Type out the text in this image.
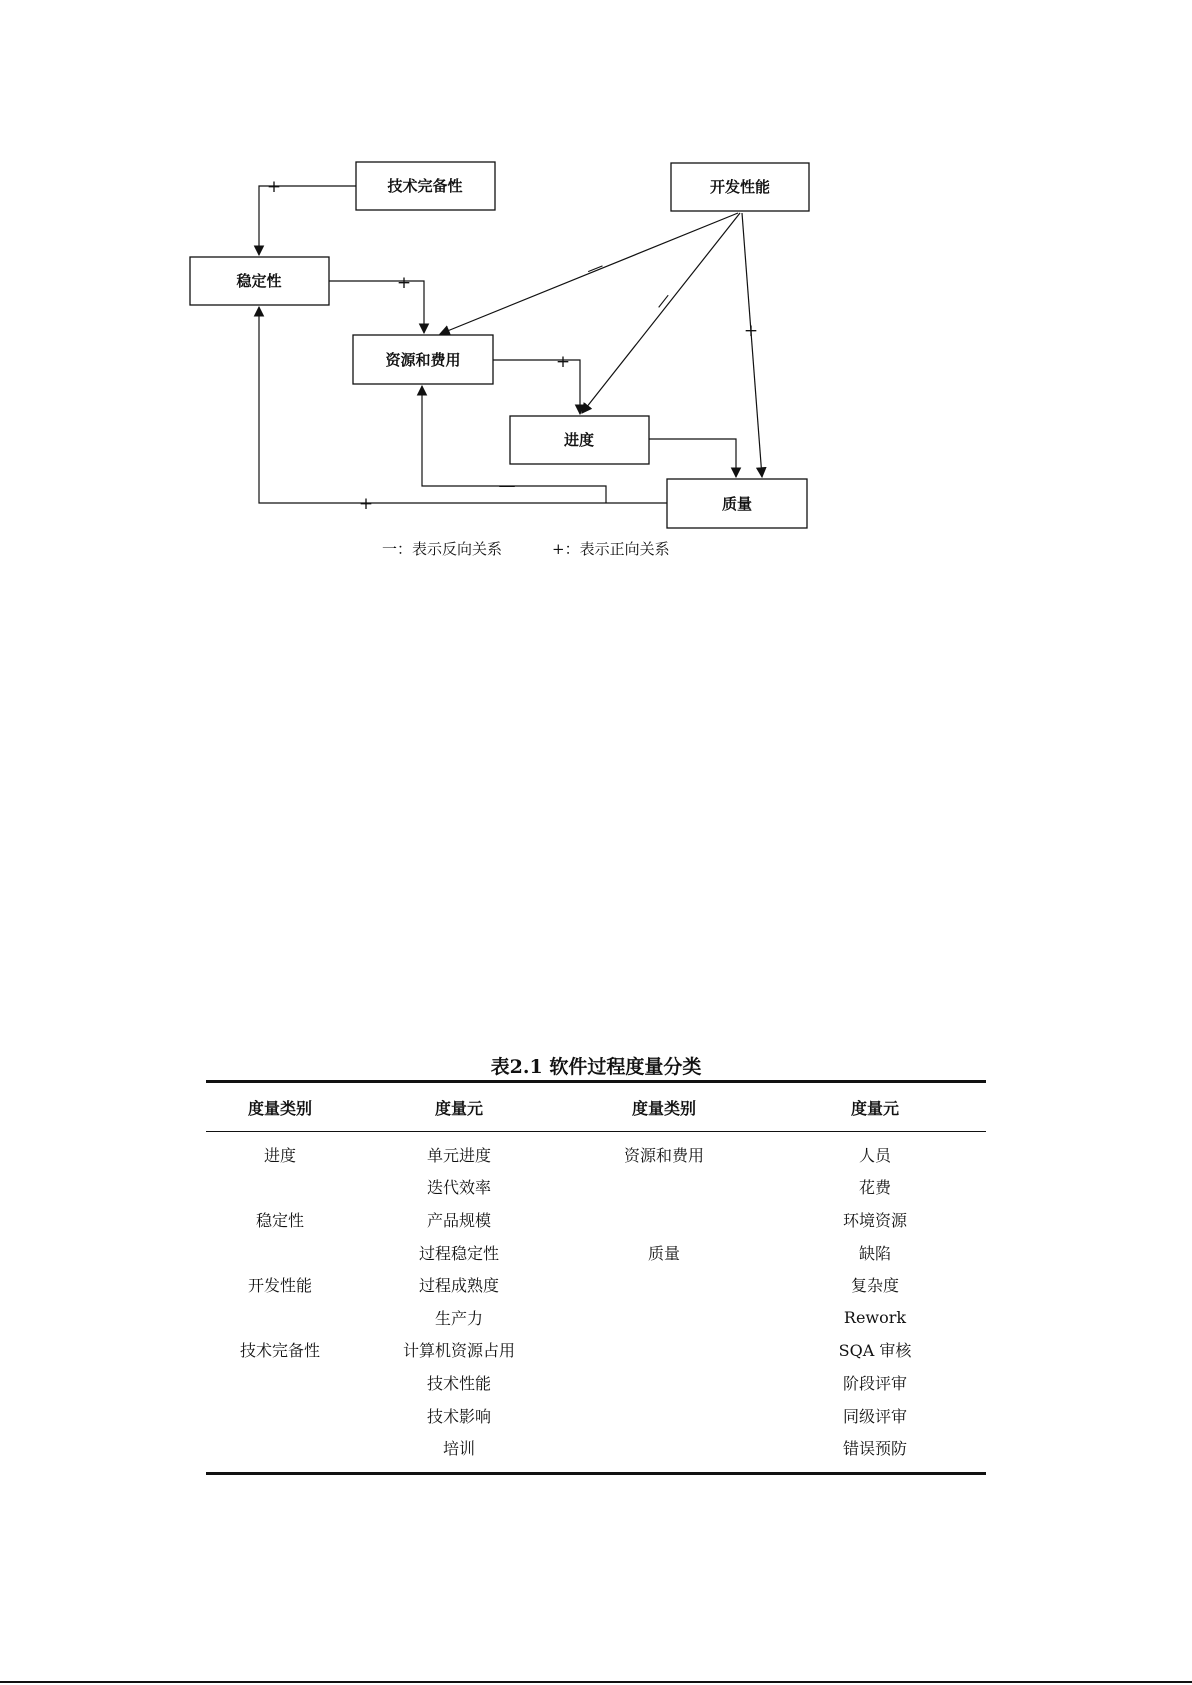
技术完备性	开发性能
稳定性
资源和费用
进度
质量
+
+
+
+
+
—
—
—
一：表示反向关系	+：表示正向关系
表2.1 软件过程度量分类
度量类别	度量元	度量类别	度量元
进度	单元进度	资源和费用	人员
	迭代效率		花费
稳定性	产品规模		环境资源
	过程稳定性	质量	缺陷
开发性能	过程成熟度		复杂度
	生产力		Rework
技术完备性	计算机资源占用		SQA 审核
	技术性能		阶段评审
	技术影响		同级评审
	培训		错误预防
